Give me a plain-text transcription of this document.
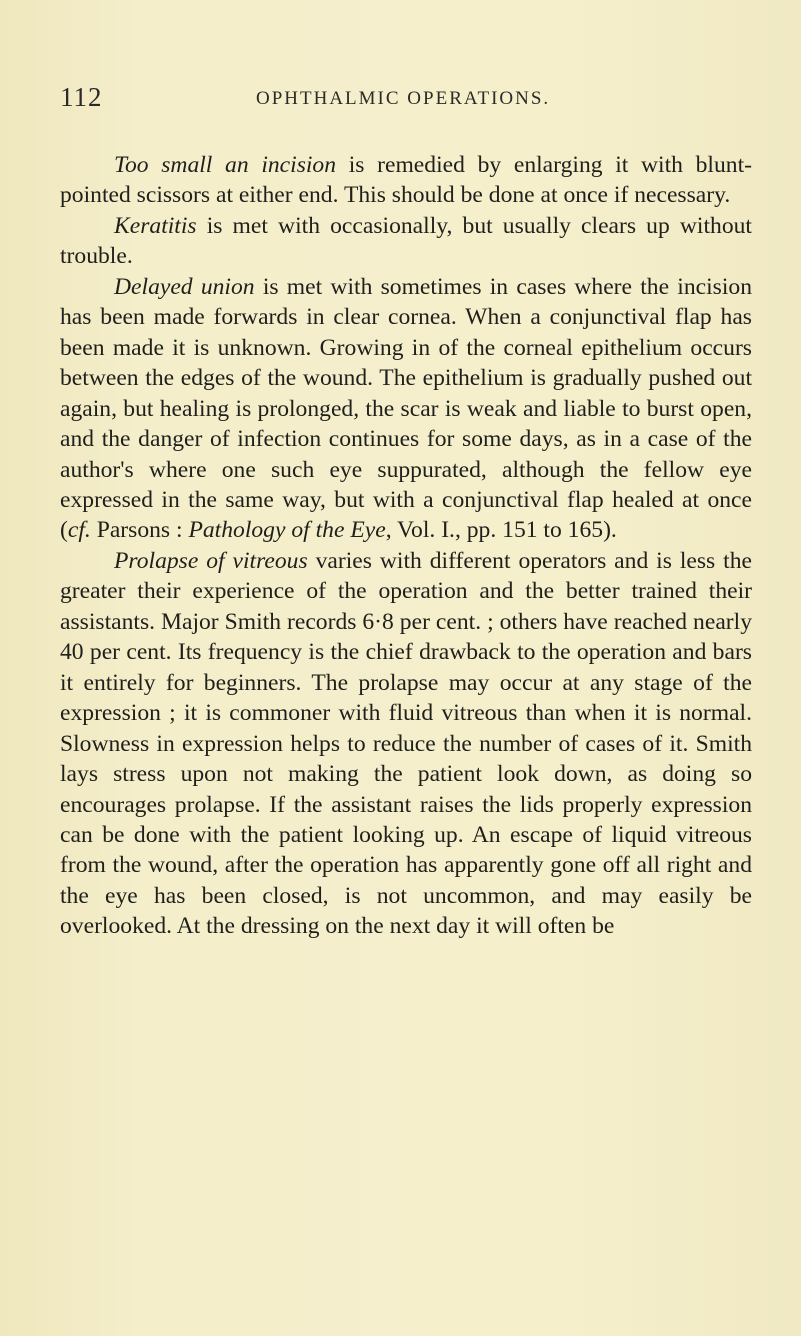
112	OPHTHALMIC OPERATIONS.

Too small an incision is remedied by enlarging it with blunt-pointed scissors at either end. This should be done at once if necessary.

Keratitis is met with occasionally, but usually clears up without trouble.

Delayed union is met with sometimes in cases where the incision has been made forwards in clear cornea. When a conjunctival flap has been made it is unknown. Growing in of the corneal epithelium occurs between the edges of the wound. The epithelium is gradually pushed out again, but healing is prolonged, the scar is weak and liable to burst open, and the danger of infection continues for some days, as in a case of the author's where one such eye suppurated, although the fellow eye expressed in the same way, but with a conjunctival flap healed at once (cf. Parsons : Pathology of the Eye, Vol. I., pp. 151 to 165).

Prolapse of vitreous varies with different operators and is less the greater their experience of the operation and the better trained their assistants. Major Smith records 6·8 per cent. ; others have reached nearly 40 per cent. Its frequency is the chief drawback to the operation and bars it entirely for beginners. The prolapse may occur at any stage of the expression ; it is commoner with fluid vitreous than when it is normal. Slowness in expression helps to reduce the number of cases of it. Smith lays stress upon not making the patient look down, as doing so encourages prolapse. If the assistant raises the lids properly expression can be done with the patient looking up. An escape of liquid vitreous from the wound, after the operation has apparently gone off all right and the eye has been closed, is not uncommon, and may easily be overlooked. At the dressing on the next day it will often be
